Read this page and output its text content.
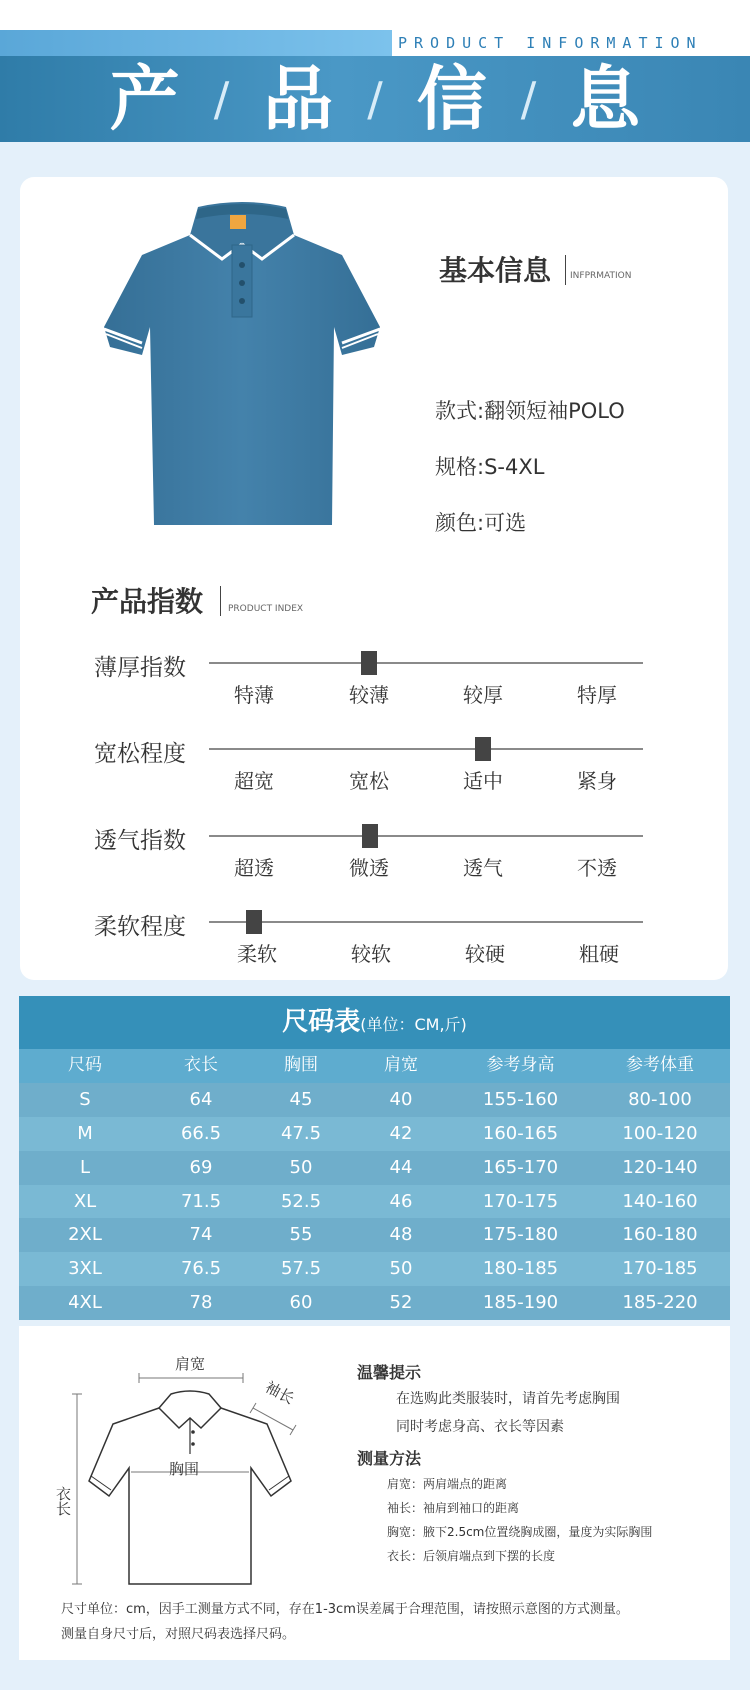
PRODUCT INFORMATION
产 / 品 / 信 / 息
基本信息 INFPRMATION
款式:翻领短袖POLO
规格:S-4XL
颜色:可选
产品指数	PRODUCT INDEX
薄厚指数
特薄	较薄	较厚	特厚
宽松程度
超宽	宽松	适中	紧身
透气指数
超透	微透	透气	不透
柔软程度
柔软	较软	较硬	粗硬
尺码表(单位：CM,斤)
尺码	衣长	胸围	肩宽	参考身高	参考体重
S	64	45	40	155-160	80-100
M	66.5	47.5	42	160-165	100-120
L	69	50	44	165-170	120-140
XL	71.5	52.5	46	170-175	140-160
2XL	74	55	48	175-180	160-180
3XL	76.5	57.5	50	180-185	170-185
4XL	78	60	52	185-190	185-220
肩宽
袖长
胸围
衣长
温馨提示
在选购此类服装时，请首先考虑胸围
同时考虑身高、衣长等因素
测量方法
肩宽：两肩端点的距离
袖长：袖肩到袖口的距离
胸宽：腋下2.5cm位置绕胸成圈，量度为实际胸围
衣长：后领肩端点到下摆的长度
尺寸单位：cm，因手工测量方式不同，存在1-3cm误差属于合理范围，请按照示意图的方式测量。
测量自身尺寸后，对照尺码表选择尺码。
